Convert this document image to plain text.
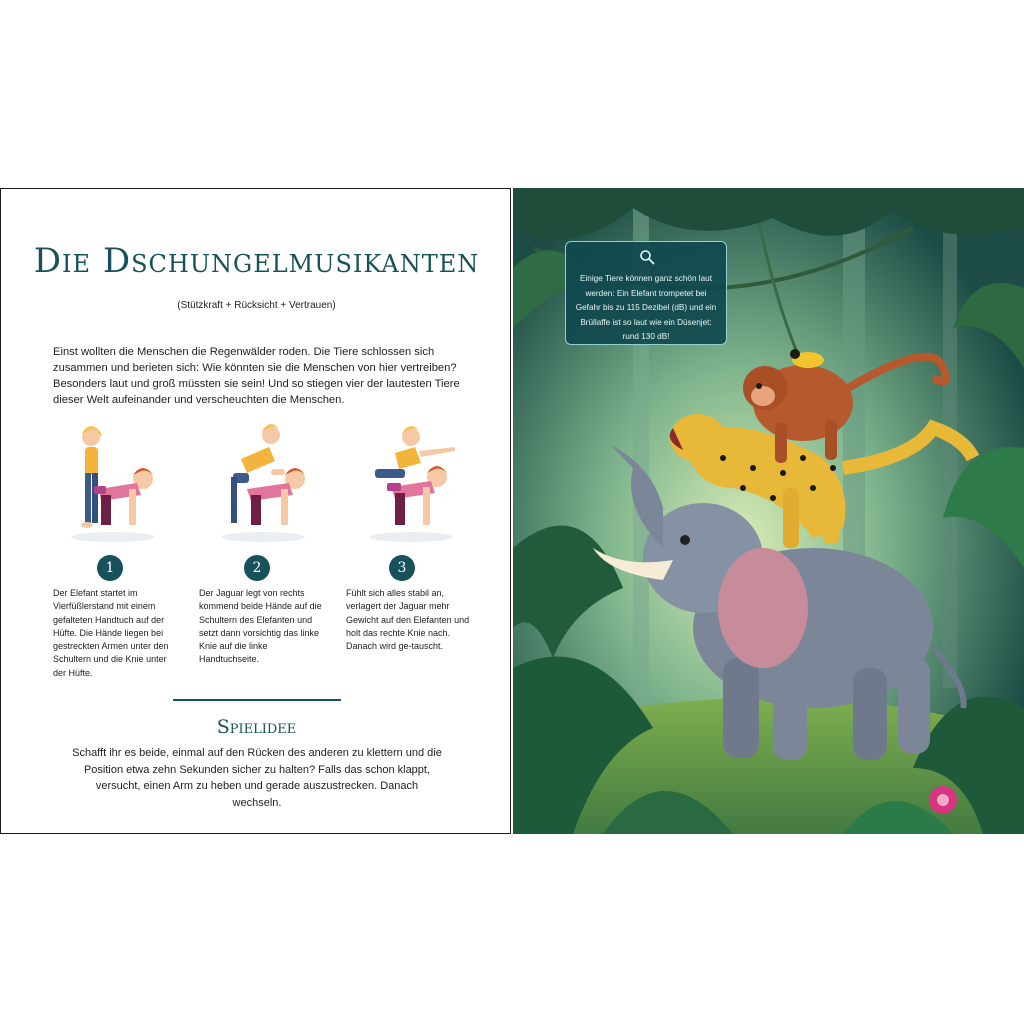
Die Dschungelmusikanten
(Stützkraft + Rücksicht + Vertrauen)
Einst wollten die Menschen die Regenwälder roden. Die Tiere schlossen sich zusammen und berieten sich: Wie könnten sie die Menschen von hier vertreiben? Besonders laut und groß müssten sie sein! Und so stiegen vier der lautesten Tiere dieser Welt aufeinander und verscheuchten die Menschen.
1
Der Elefant startet im Vierfüßlerstand mit einem gefalteten Handtuch auf der Hüfte. Die Hände liegen bei gestreckten Armen unter den Schultern und die Knie unter der Hüfte.
2
Der Jaguar legt von rechts kommend beide Hände auf die Schultern des Elefanten und setzt dann vorsichtig das linke Knie auf die linke Handtuchseite.
3
Fühlt sich alles stabil an, verlagert der Jaguar mehr Gewicht auf den Elefanten und holt das rechte Knie nach. Danach wird ge-tauscht.
Spielidee
Schafft ihr es beide, einmal auf den Rücken des anderen zu klettern und die Position etwa zehn Sekunden sicher zu halten? Falls das schon klappt, versucht, einen Arm zu heben und gerade auszustrecken. Danach wechseln.
Einige Tiere können ganz schön laut werden: Ein Elefant trompetet bei Gefahr bis zu 115 Dezibel (dB) und ein Brüllaffe ist so laut wie ein Düsenjet: rund 130 dB!
